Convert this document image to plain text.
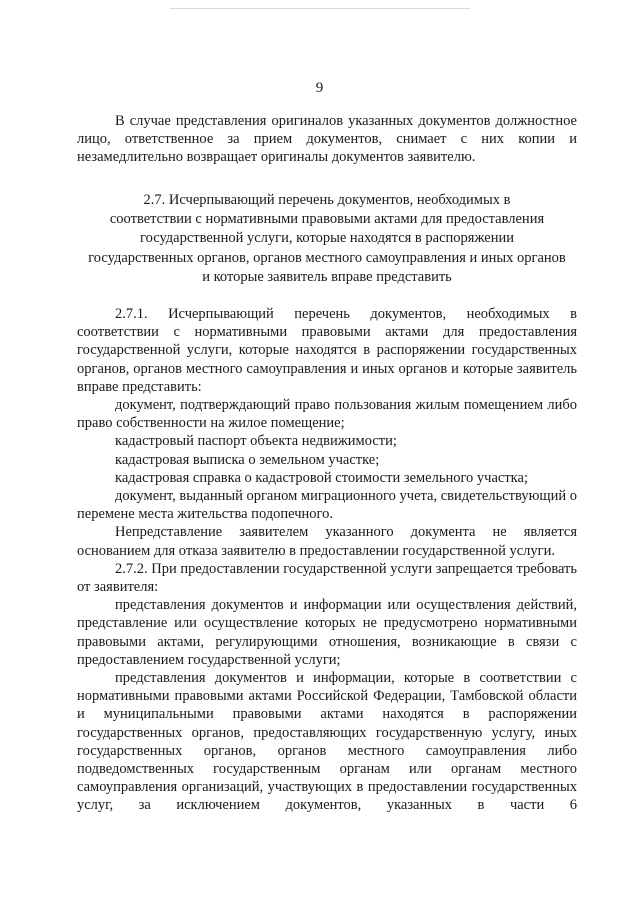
9

В случае представления оригиналов указанных документов должностное лицо, ответственное за прием документов, снимает с них копии и незамедлительно возвращает оригиналы документов заявителю.

2.7. Исчерпывающий перечень документов, необходимых в
соответствии с нормативными правовыми актами для предоставления
государственной услуги, которые находятся в распоряжении
государственных органов, органов местного самоуправления и иных органов
и которые заявитель вправе представить

2.7.1. Исчерпывающий перечень документов, необходимых в соответствии с нормативными правовыми актами для предоставления государственной услуги, которые находятся в распоряжении государственных органов, органов местного самоуправления и иных органов и которые заявитель вправе представить:

документ, подтверждающий право пользования жилым помещением либо право собственности на жилое помещение;

кадастровый паспорт объекта недвижимости;

кадастровая выписка о земельном участке;

кадастровая справка о кадастровой стоимости земельного участка;

документ, выданный органом миграционного учета, свидетельствующий о перемене места жительства подопечного.

Непредставление заявителем указанного документа не является основанием для отказа заявителю в предоставлении государственной услуги.

2.7.2. При предоставлении государственной услуги запрещается требовать от заявителя:

представления документов и информации или осуществления действий, представление или осуществление которых не предусмотрено нормативными правовыми актами, регулирующими отношения, возникающие в связи с предоставлением государственной услуги;

представления документов и информации, которые в соответствии с нормативными правовыми актами Российской Федерации, Тамбовской области и муниципальными правовыми актами находятся в распоряжении государственных органов, предоставляющих государственную услугу, иных государственных органов, органов местного самоуправления либо подведомственных государственным органам или органам местного самоуправления организаций, участвующих в предоставлении государственных услуг, за исключением документов, указанных в части 6
